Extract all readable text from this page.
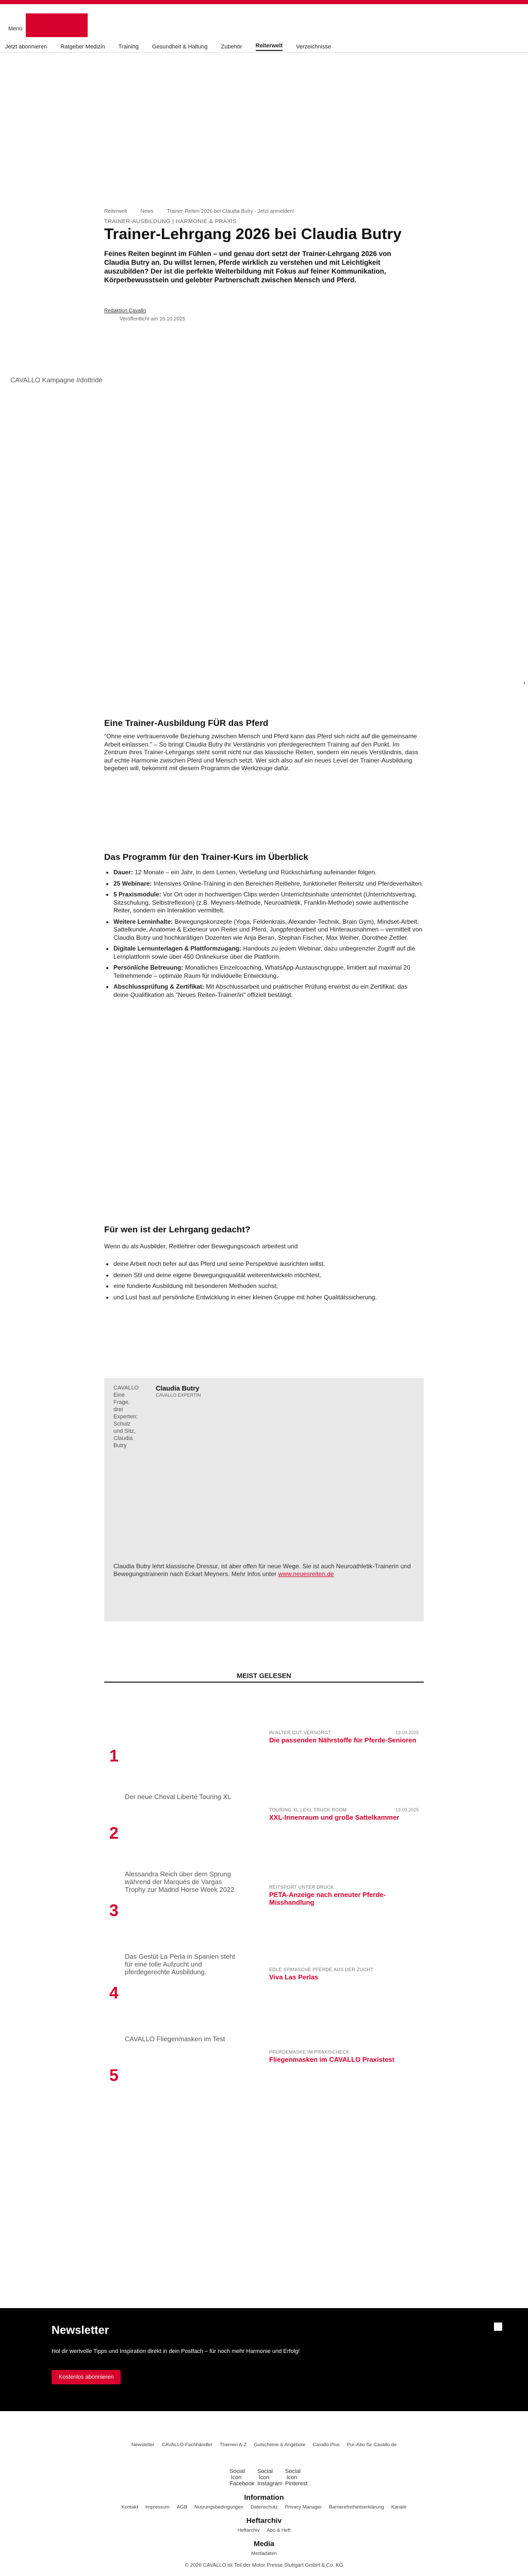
Menü
Jetzt abonnieren Ratgeber Medizin Training Gesundheit & Haltung Zubehör Reiterwelt Verzeichnisse
Reiterwelt	News	Trainer-Reiten 2026 bei Claudia Butry - Jetzt anmelden!
TRAINER-AUSBILDUNG | HARMONIE & PRAXIS
Trainer-Lehrgang 2026 bei Claudia Butry
Feines Reiten beginnt im Fühlen – und genau dort setzt der Trainer-Lehrgang 2026 von Claudia Butry an. Du willst lernen, Pferde wirklich zu verstehen und mit Leichtigkeit auszubilden? Der ist die perfekte Weiterbildung mit Fokus auf feiner Kommunikation, Körperbewusstsein und gelebter Partnerschaft zwischen Mensch und Pferd.
Redaktion Cavallo
Veröffentlicht am 16.10.2025
CAVALLO Kampagne #dottride
›
Eine Trainer-Ausbildung FÜR das Pferd

"Ohne eine vertrauensvolle Beziehung zwischen Mensch und Pferd kann das Pferd sich nicht auf die gemeinsame Arbeit einlassen." – So bringt Claudia Butry ihr Verständnis von pferdegerechtem Training auf den Punkt. Im Zentrum ihres Trainer-Lehrgangs steht somit nicht nur das klassische Reiten, sondern ein neues Verständnis, dass auf echte Harmonie zwischen Pferd und Mensch setzt. Wer sich also auf ein neues Level der Trainer-Ausbildung begeben will, bekommt mit diesem Programm die Werkzeuge dafür.

Das Programm für den Trainer-Kurs im Überblick
• Dauer: 12 Monate – ein Jahr, in dem Lernen, Vertiefung und Rückschärfung aufeinander folgen.
• 25 Webinare: Intensives Online-Training in den Bereichen Reitlehre, funktioneller Reitersitz und Pferdeverhalten.
• 5 Praxismodule: Vor Ort oder in hochwertigen Clips werden Unterrichtsinhalte unterrichtet (Unterrichtsvertrag, Sitzschulung, Selbstreflexion) (z.B. Meyners-Methode, Neuroathletik, Franklin-Methode) sowie authentische Reiter, sondern ein Interaktion vermittelt.
• Weitere Lerninhalte: Bewegungskonzepte (Yoga, Feldenkrais, Alexander-Technik, Brain Gym), Mindset-Arbeit, Sattelkunde, Anatomie & Exterieur von Reiter und Pferd, Jungpferdearbeit und Hinterausnahmen – vermittelt von Claudia Butry und hochkarätigen Dozenten wie Anja Beran, Stephan Fischer, Max Weiher, Dorothee Zettler.
• Digitale Lernunterlagen & Plattformzugang: Handouts zu jedem Webinar, dazu unbegrenzter Zugriff auf die Lernplattform sowie über 450 Onlinekurse über die Plattform.
• Persönliche Betreuung: Monatliches Einzelcoaching, WhatsApp-Austauschgruppe, limitiert auf maximal 20 Teilnehmende – optimale Raum für individuelle Entwicklung.
• Abschlussprüfung & Zertifikat: Mit Abschlussarbeit und praktischer Prüfung erwirbst du ein Zertifikat, das deine Qualifikation als "Neues Reiten-Trainer/in" offiziell bestätigt.
Für wen ist der Lehrgang gedacht?

Wenn du als Ausbilder, Reitlehrer oder Bewegungscoach arbeitest und

• deine Arbeit noch tiefer auf das Pferd und seine Perspektive ausrichten willst,
• deinen Stil und deine eigene Bewegungsqualität weiterentwickeln möchtest,
• eine fundierte Ausbildung mit besonderen Methoden suchst,
• und Lust hast auf persönliche Entwicklung in einer kleinen Gruppe mit hoher Qualitätssicherung.
CAVALLO Eine Frage, drei Experten: Schulz und Sitz, Claudia Butry
Claudia Butry
CAVALLO EXPERTIN
Claudia Butry lehrt klassische Dressur, ist aber offen für neue Wege. Sie ist auch Neuroathletik-Trainerin und Bewegungstrainerin nach Eckart Meyners. Mehr Infos unter www.neuesreiten.de
MEIST GELESEN
1
IN ALTER GUT VERSORGT	19.09.2025
Die passenden Nährstoffe für Pferde-Senioren
2
Der neue Cheval Liberté Touring XL
TOURING XL | EKL TRUCK ROOM	19.09.2025
XXL-Innenraum und große Sattelkammer
3
Alessandra Reich über dem Sprung während der Marqués de Vargas Trophy zur Madrid Horse Week 2022	REITSPORT UNTER DRUCK
PETA-Anzeige nach erneuter Pferde-Misshandlung
4
Das Gestüt La Perla in Spanien steht für eine tolle Aufzucht und pferdegerechte Ausbildung.	EDLE SPANISCHE PFERDE AUS DER ZUCHT
Viva Las Perlas
5
CAVALLO Fliegenmasken im Test
PFERDEMASKE IM PRAXISCHECK
Fliegenmasken im CAVALLO Praxistest
Newsletter

Hol dir wertvolle Tipps und Inspiration direkt in dein Postfach – für noch mehr Harmonie und Erfolg!

Kostenlos abonnieren
Newsletter CAVALLO-Fachhändler Themen A-Z Gutscheine & Angebote Cavallo Plus Pur-Abo für Cavallo.de
Social Icon Facebook
Social Icon Instagram
Social Icon Pinterest
Information
Kontakt Impressum AGB Nutzungsbedingungen Datenschutz Privacy Manager Barrierefreiheitserklärung Kanäle
Heftarchiv
Heftarchiv Abo & Heft
Media
Mediadaten
© 2026 CAVALLO ist Teil der Motor Presse Stuttgart GmbH & Co. KG
